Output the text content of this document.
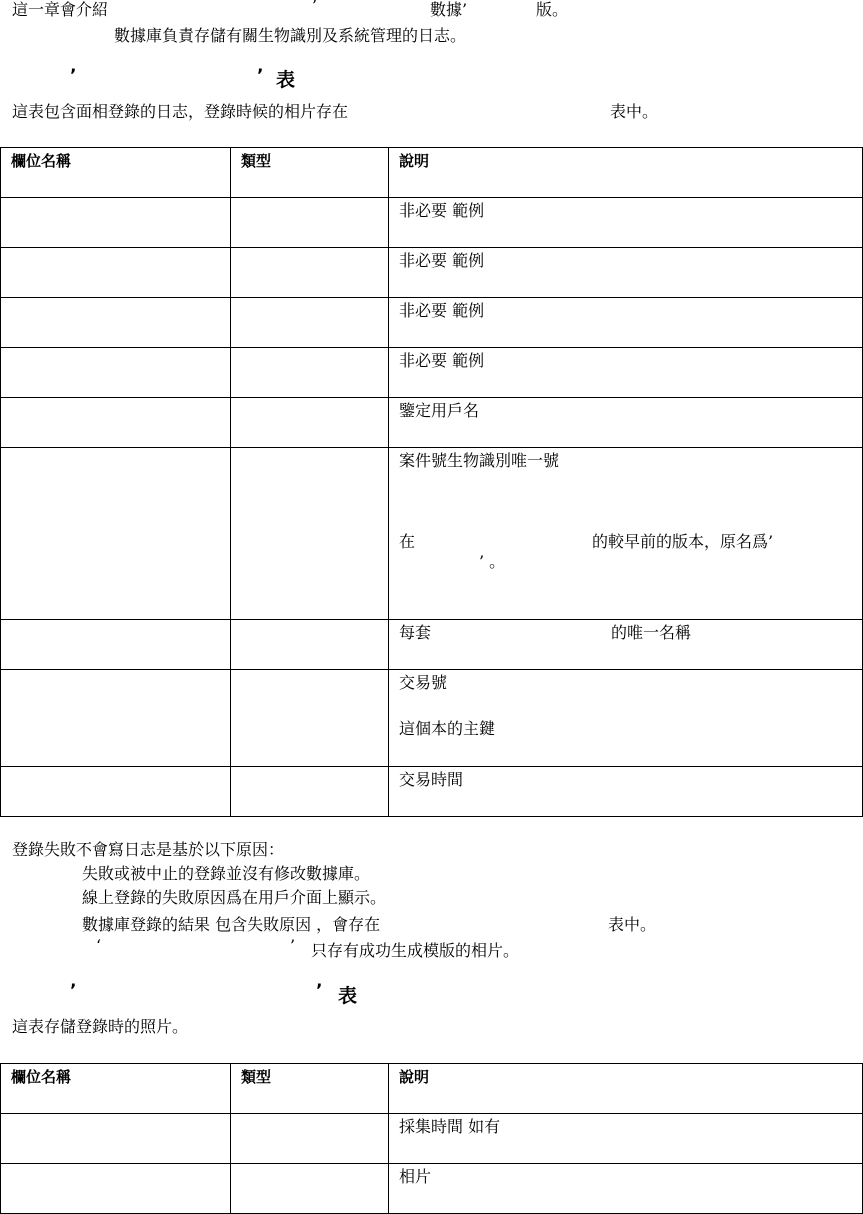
這一章會介紹	’	數據’	版。
數據庫負責存儲有關生物識別及系統管理的日志。
’	’ 表
這表包含面相登錄的日志，登錄時候的相片存在	表中。
欄位名稱	類型	說明
		非必要 範例
		非必要 範例
		非必要 範例
		非必要 範例
		鑒定用戶名

		案件號生物識別唯一號
在 的較早前的版本，原名爲’
’ 。

		每套 的唯一名稱

		交易號
這個本的主鍵

		交易時間
登錄失敗不會寫日志是基於以下原因：
失敗或被中止的登錄並沒有修改數據庫。
線上登錄的失敗原因爲在用戶介面上顯示。
數據庫登錄的結果 包含失敗原因 ，會存在	表中。
‘	’ 只存有成功生成模版的相片。
’	’ 表
這表存儲登錄時的照片。
欄位名稱	類型	說明
		採集時間 如有
		相片
